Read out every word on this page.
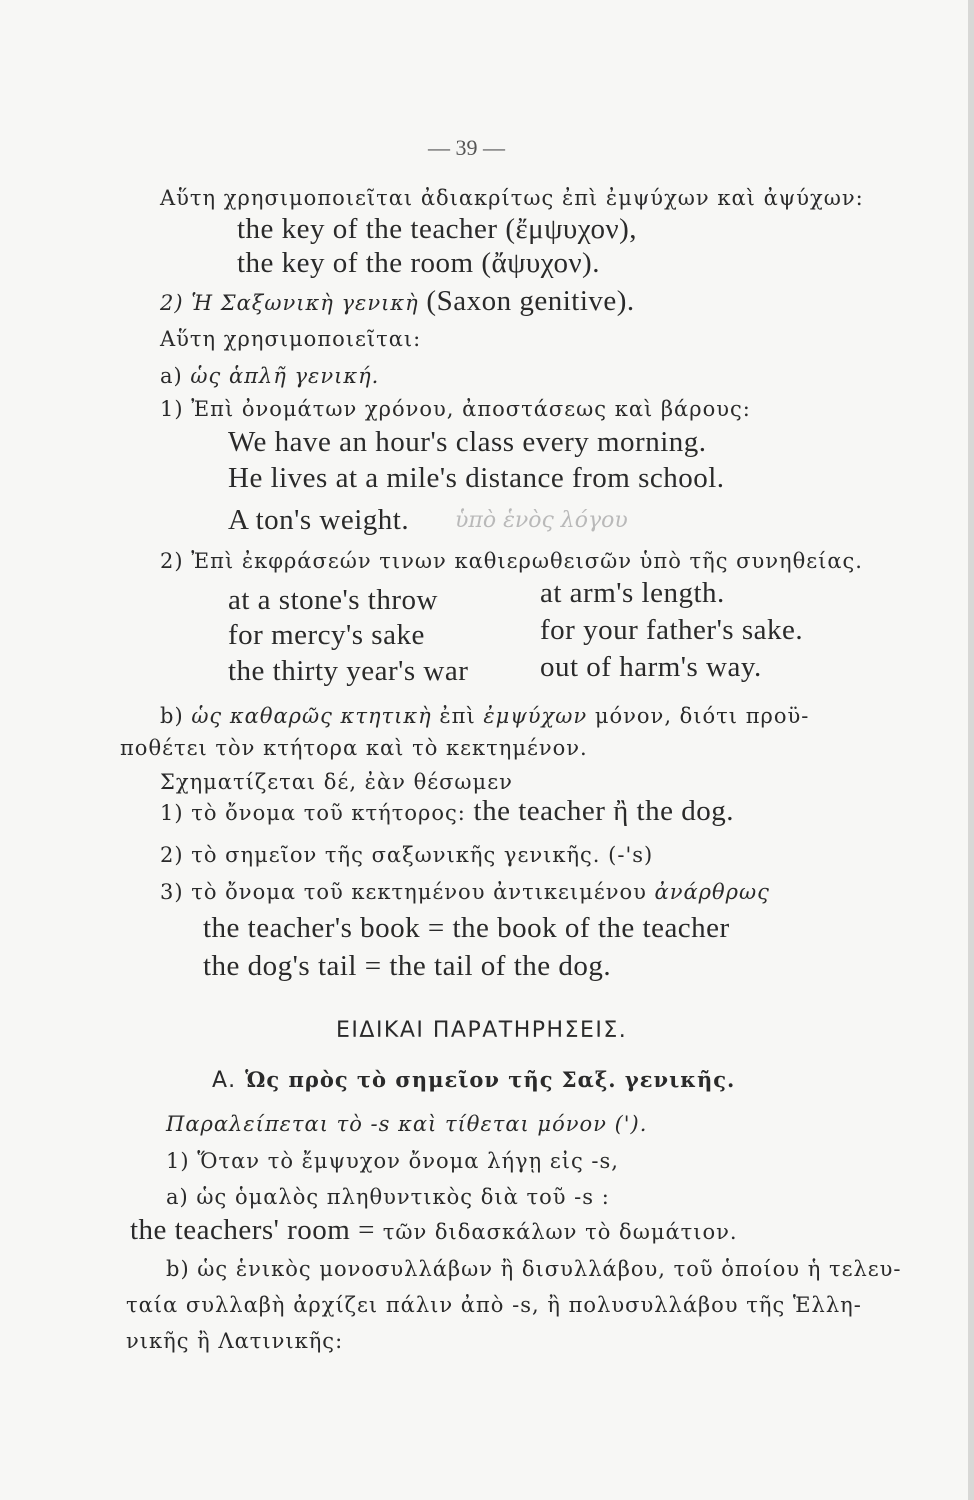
— 39 —
Αὕτη χρησιμοποιεῖται ἀδιακρίτως ἐπὶ ἐμψύχων καὶ ἀψύχων:
the key of the teacher (ἔμψυχον),
the key of the room (ἄψυχον).
2) Ἡ Σαξωνικὴ γενικὴ (Saxon genitive).
Αὕτη χρησιμοποιεῖται:
a) ὡς ἁπλῆ γενική.
1) Ἐπὶ ὀνομάτων χρόνου, ἀποστάσεως καὶ βάρους:
We have an hour's class every morning.
He lives at a mile's distance from school.
A ton's weight. ὑπὸ ἑνὸς λόγου
2) Ἐπὶ ἐκφράσεών τινων καθιερωθεισῶν ὑπὸ τῆς συνηθείας.
at a stone's throw	at arm's length.
for mercy's sake	for your father's sake.
the thirty year's war out of harm's way.
b) ὡς καθαρῶς κτητικὴ ἐπὶ ἐμψύχων μόνον, διότι προϋ-
ποθέτει τὸν κτήτορα καὶ τὸ κεκτημένον.
Σχηματίζεται δέ, ἐὰν θέσωμεν
1) τὸ ὄνομα τοῦ κτήτορος: the teacher ἢ the dog.
2) τὸ σημεῖον τῆς σαξωνικῆς γενικῆς. (-'s)
3) τὸ ὄνομα τοῦ κεκτημένου ἀντικειμένου ἀνάρθρως
the teacher's book = the book of the teacher
the dog's tail = the tail of the dog.
ΕΙΔΙΚΑΙ ΠΑΡΑΤΗΡΗΣΕΙΣ.
A. Ὡς πρὸς τὸ σημεῖον τῆς Σαξ. γενικῆς.
Παραλείπεται τὸ -s καὶ τίθεται μόνον (').
1) Ὅταν τὸ ἔμψυχον ὄνομα λήγῃ εἰς -s,
a) ὡς ὁμαλὸς πληθυντικὸς διὰ τοῦ -s :
the teachers' room = τῶν διδασκάλων τὸ δωμάτιον.
b) ὡς ἑνικὸς μονοσυλλάβων ἢ δισυλλάβου, τοῦ ὁποίου ἡ τελευ-
ταία συλλαβὴ ἀρχίζει πάλιν ἀπὸ -s, ἢ πολυσυλλάβου τῆς Ἑλλη-
νικῆς ἢ Λατινικῆς:
